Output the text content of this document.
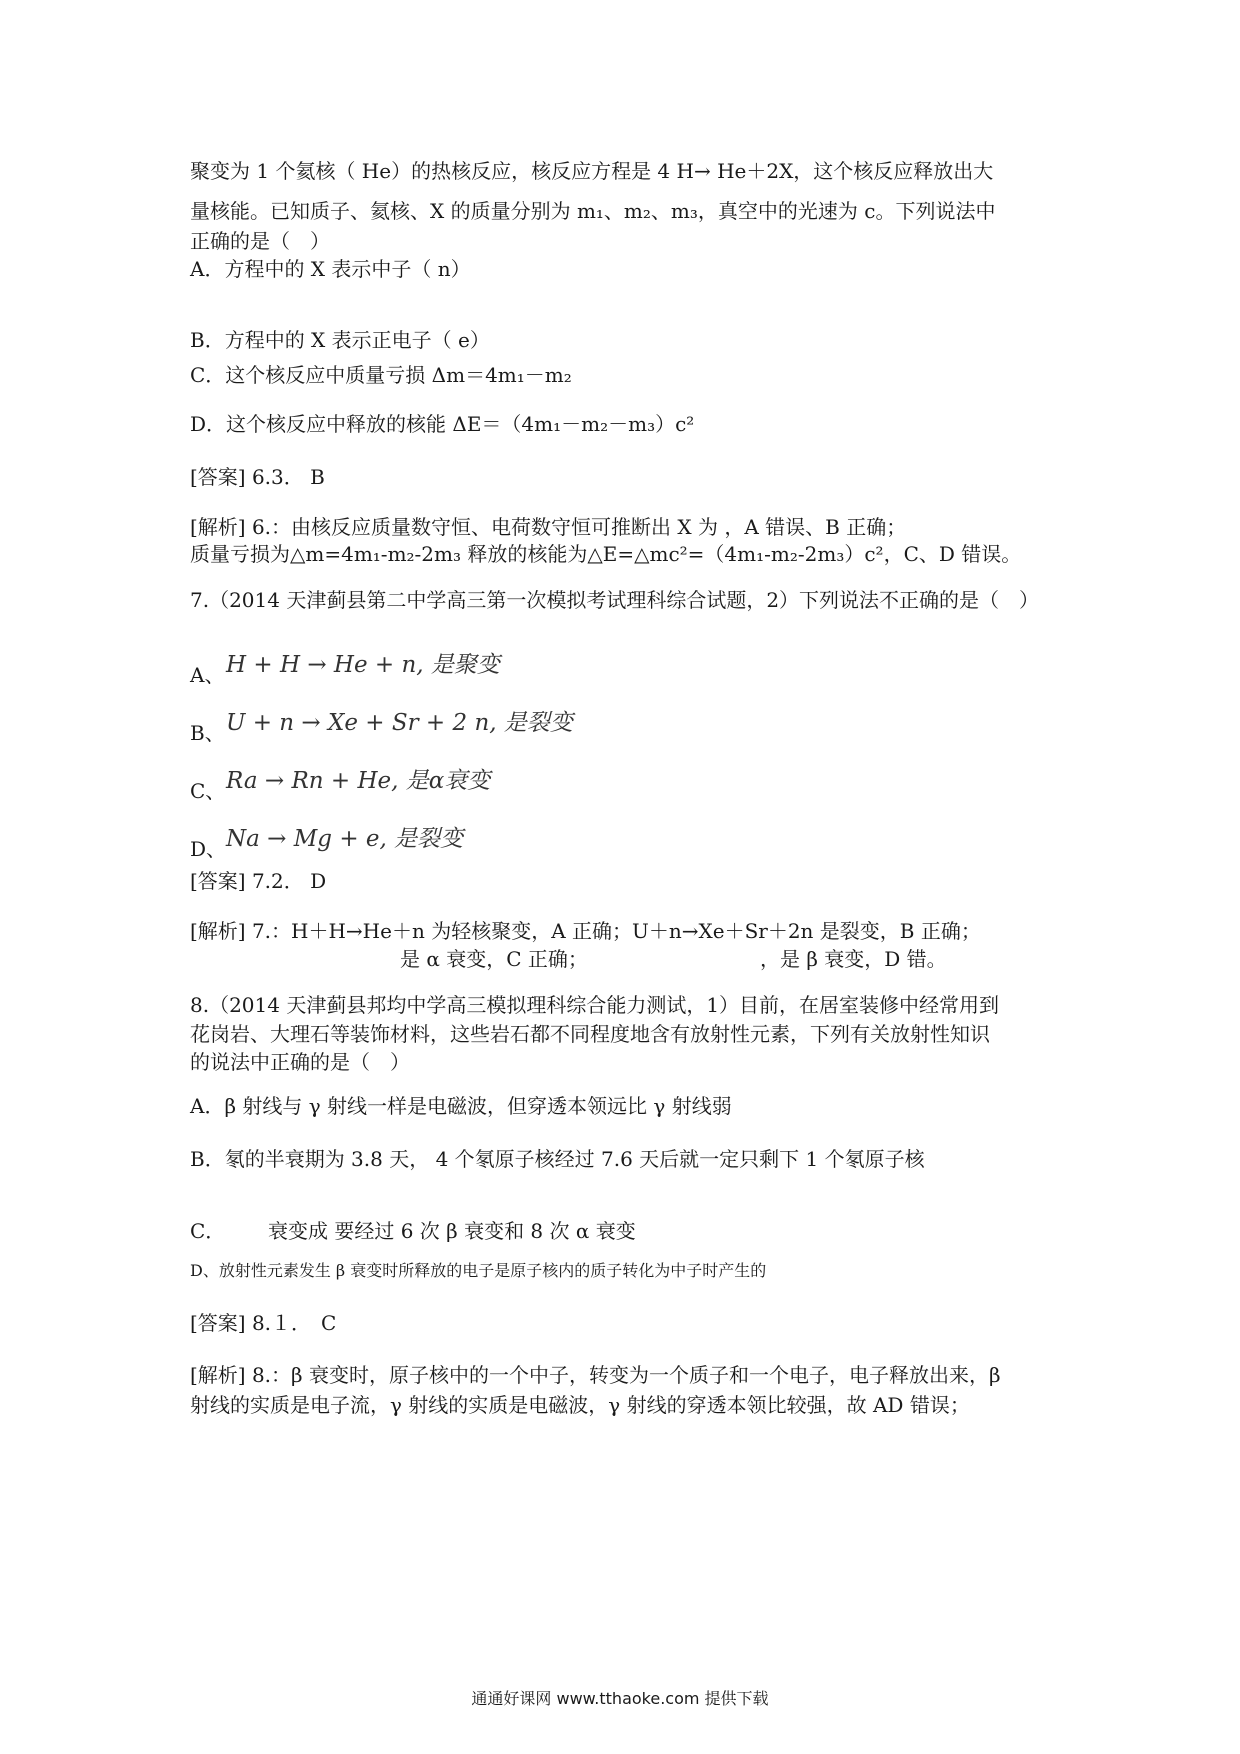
聚变为 1 个氦核（ He）的热核反应，核反应方程是 4 H→ He＋2X，这个核反应释放出大
量核能。已知质子、氦核、X 的质量分别为 m₁、m₂、m₃，真空中的光速为 c。下列说法中
正确的是（　）
A．方程中的 X 表示中子（ n）
B．方程中的 X 表示正电子（ e）
C．这个核反应中质量亏损 Δm＝4m₁－m₂
D．这个核反应中释放的核能 ΔE＝（4m₁－m₂－m₃）c²
[答案] 6.3． B
[解析] 6.：由核反应质量数守恒、电荷数守恒可推断出 X 为 ，A 错误、B 正确；
质量亏损为△m=4m₁-m₂-2m₃ 释放的核能为△E=△mc²=（4m₁-m₂-2m₃）c²，C、D 错误。
7.（2014 天津蓟县第二中学高三第一次模拟考试理科综合试题，2）下列说法不正确的是（　）
A、 H + H → He + n, 是聚变
B、 U + n → Xe + Sr + 2 n, 是裂变
C、 Ra → Rn + He, 是α衰变
D、 Na → Mg + e, 是裂变
[答案] 7.2． D
[解析] 7.：H＋H→He＋n 为轻核聚变，A 正确；U＋n→Xe＋Sr＋2n 是裂变，B 正确；
是 α 衰变，C 正确；	，是 β 衰变，D 错。
8.（2014 天津蓟县邦均中学高三模拟理科综合能力测试，1）目前，在居室装修中经常用到
花岗岩、大理石等装饰材料，这些岩石都不同程度地含有放射性元素，下列有关放射性知识
的说法中正确的是（　）
A．β 射线与 γ 射线一样是电磁波，但穿透本领远比 γ 射线弱
B．氡的半衰期为 3.8 天， 4 个氡原子核经过 7.6 天后就一定只剩下 1 个氡原子核
C． 衰变成 要经过 6 次 β 衰变和 8 次 α 衰变
D、放射性元素发生 β 衰变时所释放的电子是原子核内的质子转化为中子时产生的
[答案] 8.１．　C
[解析] 8.：β 衰变时，原子核中的一个中子，转变为一个质子和一个电子，电子释放出来，β
射线的实质是电子流，γ 射线的实质是电磁波，γ 射线的穿透本领比较强，故 AD 错误；
通通好课网 www.tthaoke.com 提供下载
